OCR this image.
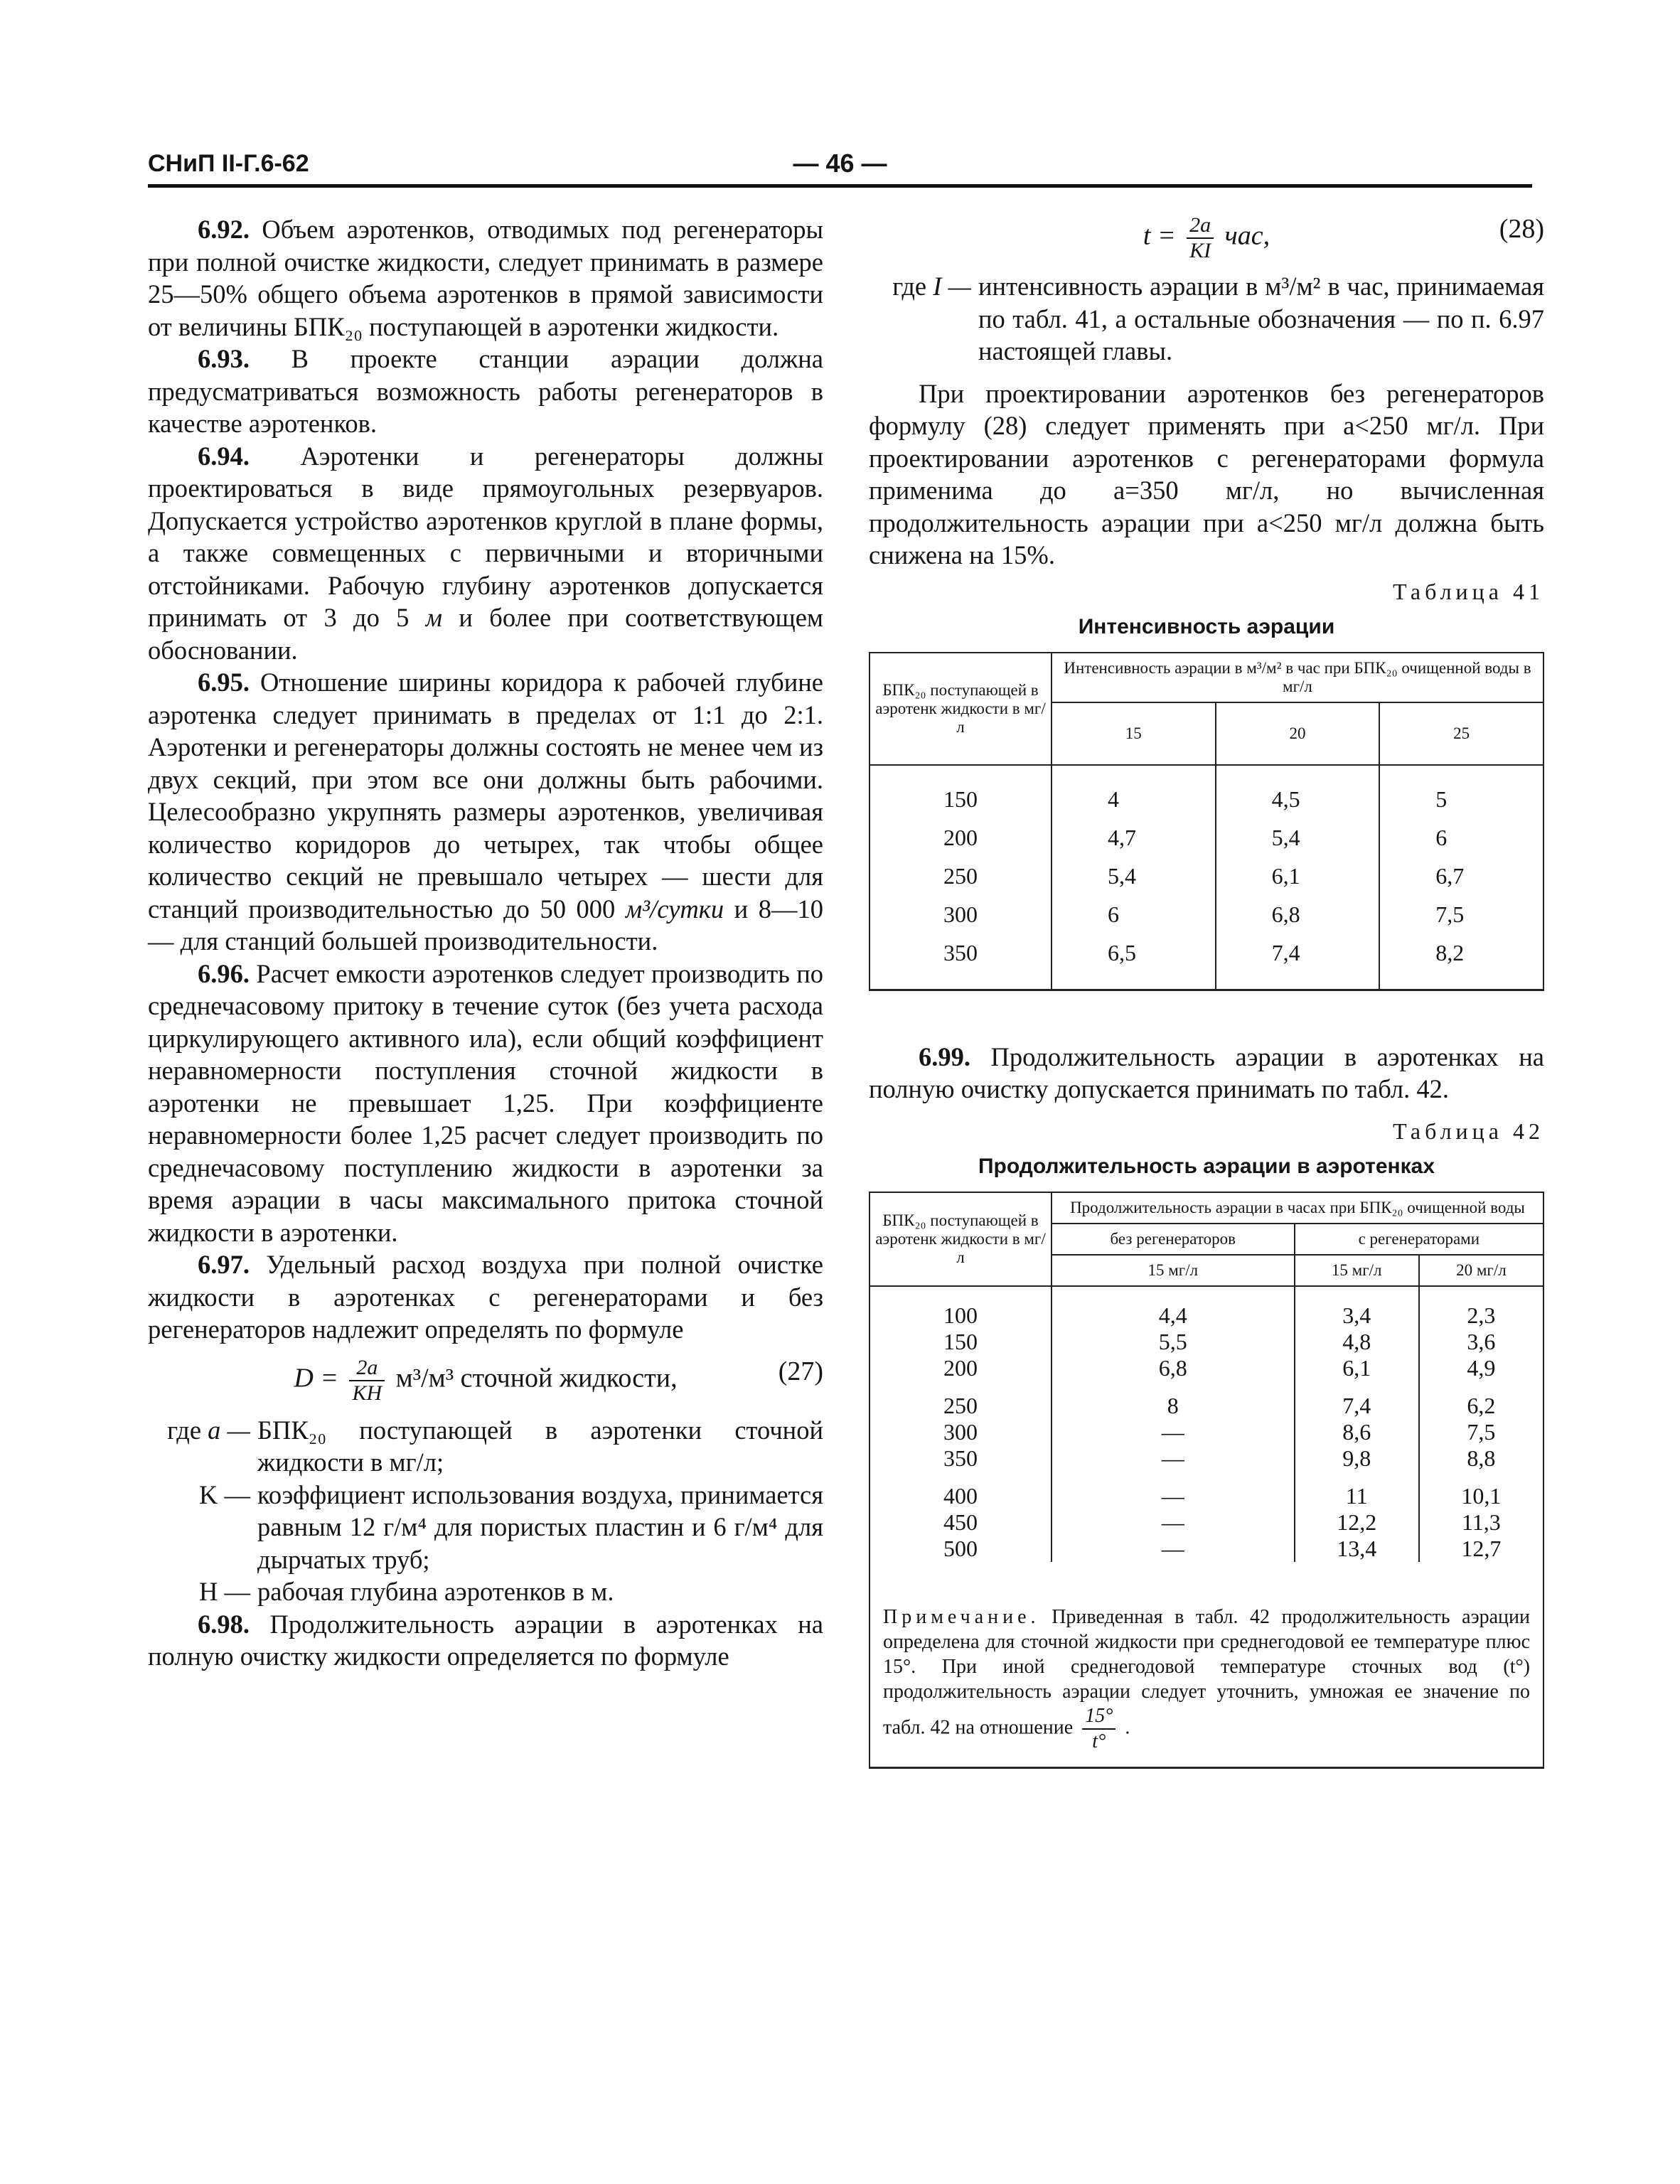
СНиП II-Г.6-62	— 46 —

6.92. Объем аэротенков, отводимых под регенераторы при полной очистке жидкости, следует принимать в размере 25—50% общего объема аэротенков в прямой зависимости от величины БПК₂₀ поступающей в аэротенки жидкости.

6.93. В проекте станции аэрации должна предусматриваться возможность работы регенераторов в качестве аэротенков.

6.94. Аэротенки и регенераторы должны проектироваться в виде прямоугольных резервуаров. Допускается устройство аэротенков круглой в плане формы, а также совмещенных с первичными и вторичными отстойниками. Рабочую глубину аэротенков допускается принимать от 3 до 5 м и более при соответствующем обосновании.

6.95. Отношение ширины коридора к рабочей глубине аэротенка следует принимать в пределах от 1:1 до 2:1. Аэротенки и регенераторы должны состоять не менее чем из двух секций, при этом все они должны быть рабочими. Целесообразно укрупнять размеры аэротенков, увеличивая количество коридоров до четырех, так чтобы общее количество секций не превышало четырех — шести для станций производительностью до 50 000 м³/сутки и 8—10 — для станций большей производительности.

6.96. Расчет емкости аэротенков следует производить по среднечасовому притоку в течение суток (без учета расхода циркулирующего активного ила), если общий коэффициент неравномерности поступления сточной жидкости в аэротенки не превышает 1,25. При коэффициенте неравномерности более 1,25 расчет следует производить по среднечасовому поступлению жидкости в аэротенки за время аэрации в часы максимального притока сточной жидкости в аэротенки.

6.97. Удельный расход воздуха при полной очистке жидкости в аэротенках с регенераторами и без регенераторов надлежит определять по формуле

$D = \frac{2a}{KH} м^3/м^3$ сточной жидкости,	(27)
где a — БПК₂₀ поступающей в аэротенки сточной жидкости в мг/л;
K — коэффициент использования воздуха, принимается равным 12 г/м⁴ для пористых пластин и 6 г/м⁴ для дырчатых труб;
H — рабочая глубина аэротенков в м.

6.98. Продолжительность аэрации в аэротенках на полную очистку жидкости определяется по формуле

$t = \frac{2a}{KI}$ час,	(28)
где I — интенсивность аэрации в м³/м² в час, принимаемая по табл. 41, а остальные обозначения — по п. 6.97 настоящей главы.

При проектировании аэротенков без регенераторов формулу (28) следует применять при a<250 мг/л. При проектировании аэротенков с регенераторами формула применима до a=350 мг/л, но вычисленная продолжительность аэрации при a<250 мг/л должна быть снижена на 15%.

Таблица 41
Интенсивность аэрации
БПК₂₀ поступающей в аэротенк жидкости в мг/л	Интенсивность аэрации в м³/м² в час при БПК₂₀ очищенной воды в мг/л		
	15	20	25
150	4	4,5	5
200	4,7	5,4	6
250	5,4	6,1	6,7
300	6	6,8	7,5
350	6,5	7,4	8,2

6.99. Продолжительность аэрации в аэротенках на полную очистку допускается принимать по табл. 42.

Таблица 42
Продолжительность аэрации в аэротенках
БПК₂₀ поступающей в аэротенк жидкости в мг/л	Продолжительность аэрации в часах при БПК₂₀ очищенной воды		
	без регенераторов	с регенераторами	
	15 мг/л	15 мг/л	20 мг/л
100	4,4	3,4	2,3
150	5,5	4,8	3,6
200	6,8	6,1	4,9
250	8	7,4	6,2
300	—	8,6	7,5
350	—	9,8	8,8
400	—	11	10,1
450	—	12,2	11,3
500	—	13,4	12,7
Примечание. Приведенная в табл. 42 продолжительность аэрации определена для сточной жидкости при среднегодовой ее температуре плюс 15°. При иной среднегодовой температуре сточных вод (t°) продолжительность аэрации следует уточнить, умножая ее значение по табл. 42 на отношение $\frac{15^\circ}{t^\circ}$ .			
